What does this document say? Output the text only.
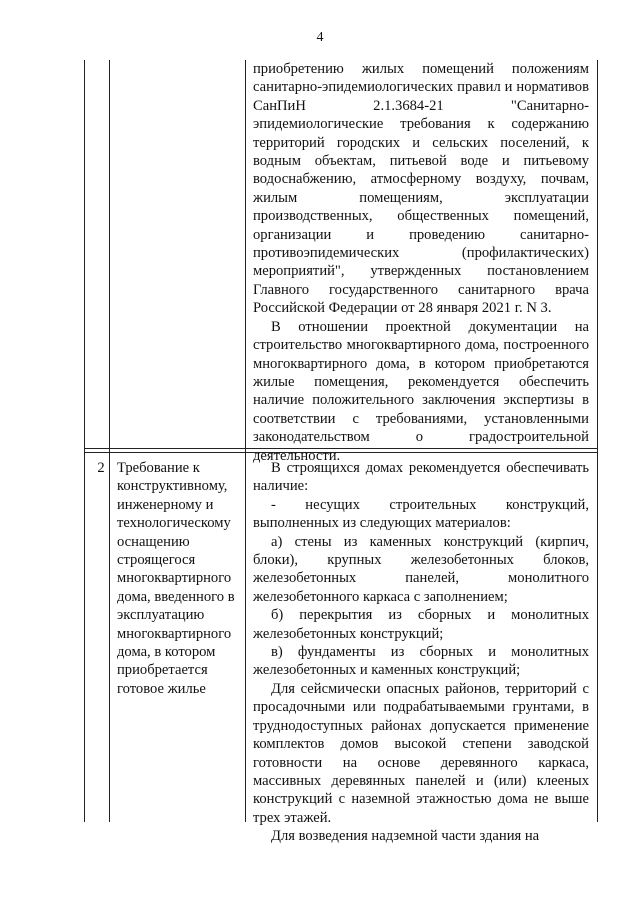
4

приобретению жилых помещений положениям санитарно-эпидемиологических правил и нормативов СанПиН 2.1.3684-21 "Санитарно-эпидемиологические требования к содержанию территорий городских и сельских поселений, к водным объектам, питьевой воде и питьевому водоснабжению, атмосферному воздуху, почвам, жилым помещениям, эксплуатации производственных, общественных помещений, организации и проведению санитарно-противоэпидемических (профилактических) мероприятий", утвержденных постановлением Главного государственного санитарного врача Российской Федерации от 28 января 2021 г. N 3.

В отношении проектной документации на строительство многоквартирного дома, построенного многоквартирного дома, в котором приобретаются жилые помещения, рекомендуется обеспечить наличие положительного заключения экспертизы в соответствии с требованиями, установленными законодательством о градостроительной деятельности.

2 Требование к конструктивному, инженерному и технологическому оснащению строящегося многоквартирного дома, введенного в эксплуатацию многоквартирного дома, в котором приобретается готовое жилье

В строящихся домах рекомендуется обеспечивать наличие:

- несущих строительных конструкций, выполненных из следующих материалов:

а) стены из каменных конструкций (кирпич, блоки), крупных железобетонных блоков, железобетонных панелей, монолитного железобетонного каркаса с заполнением;

б) перекрытия из сборных и монолитных железобетонных конструкций;

в) фундаменты из сборных и монолитных железобетонных и каменных конструкций;

Для сейсмически опасных районов, территорий с просадочными или подрабатываемыми грунтами, в труднодоступных районах допускается применение комплектов домов высокой степени заводской готовности на основе деревянного каркаса, массивных деревянных панелей и (или) клееных конструкций с наземной этажностью дома не выше трех этажей.

Для возведения надземной части здания на
